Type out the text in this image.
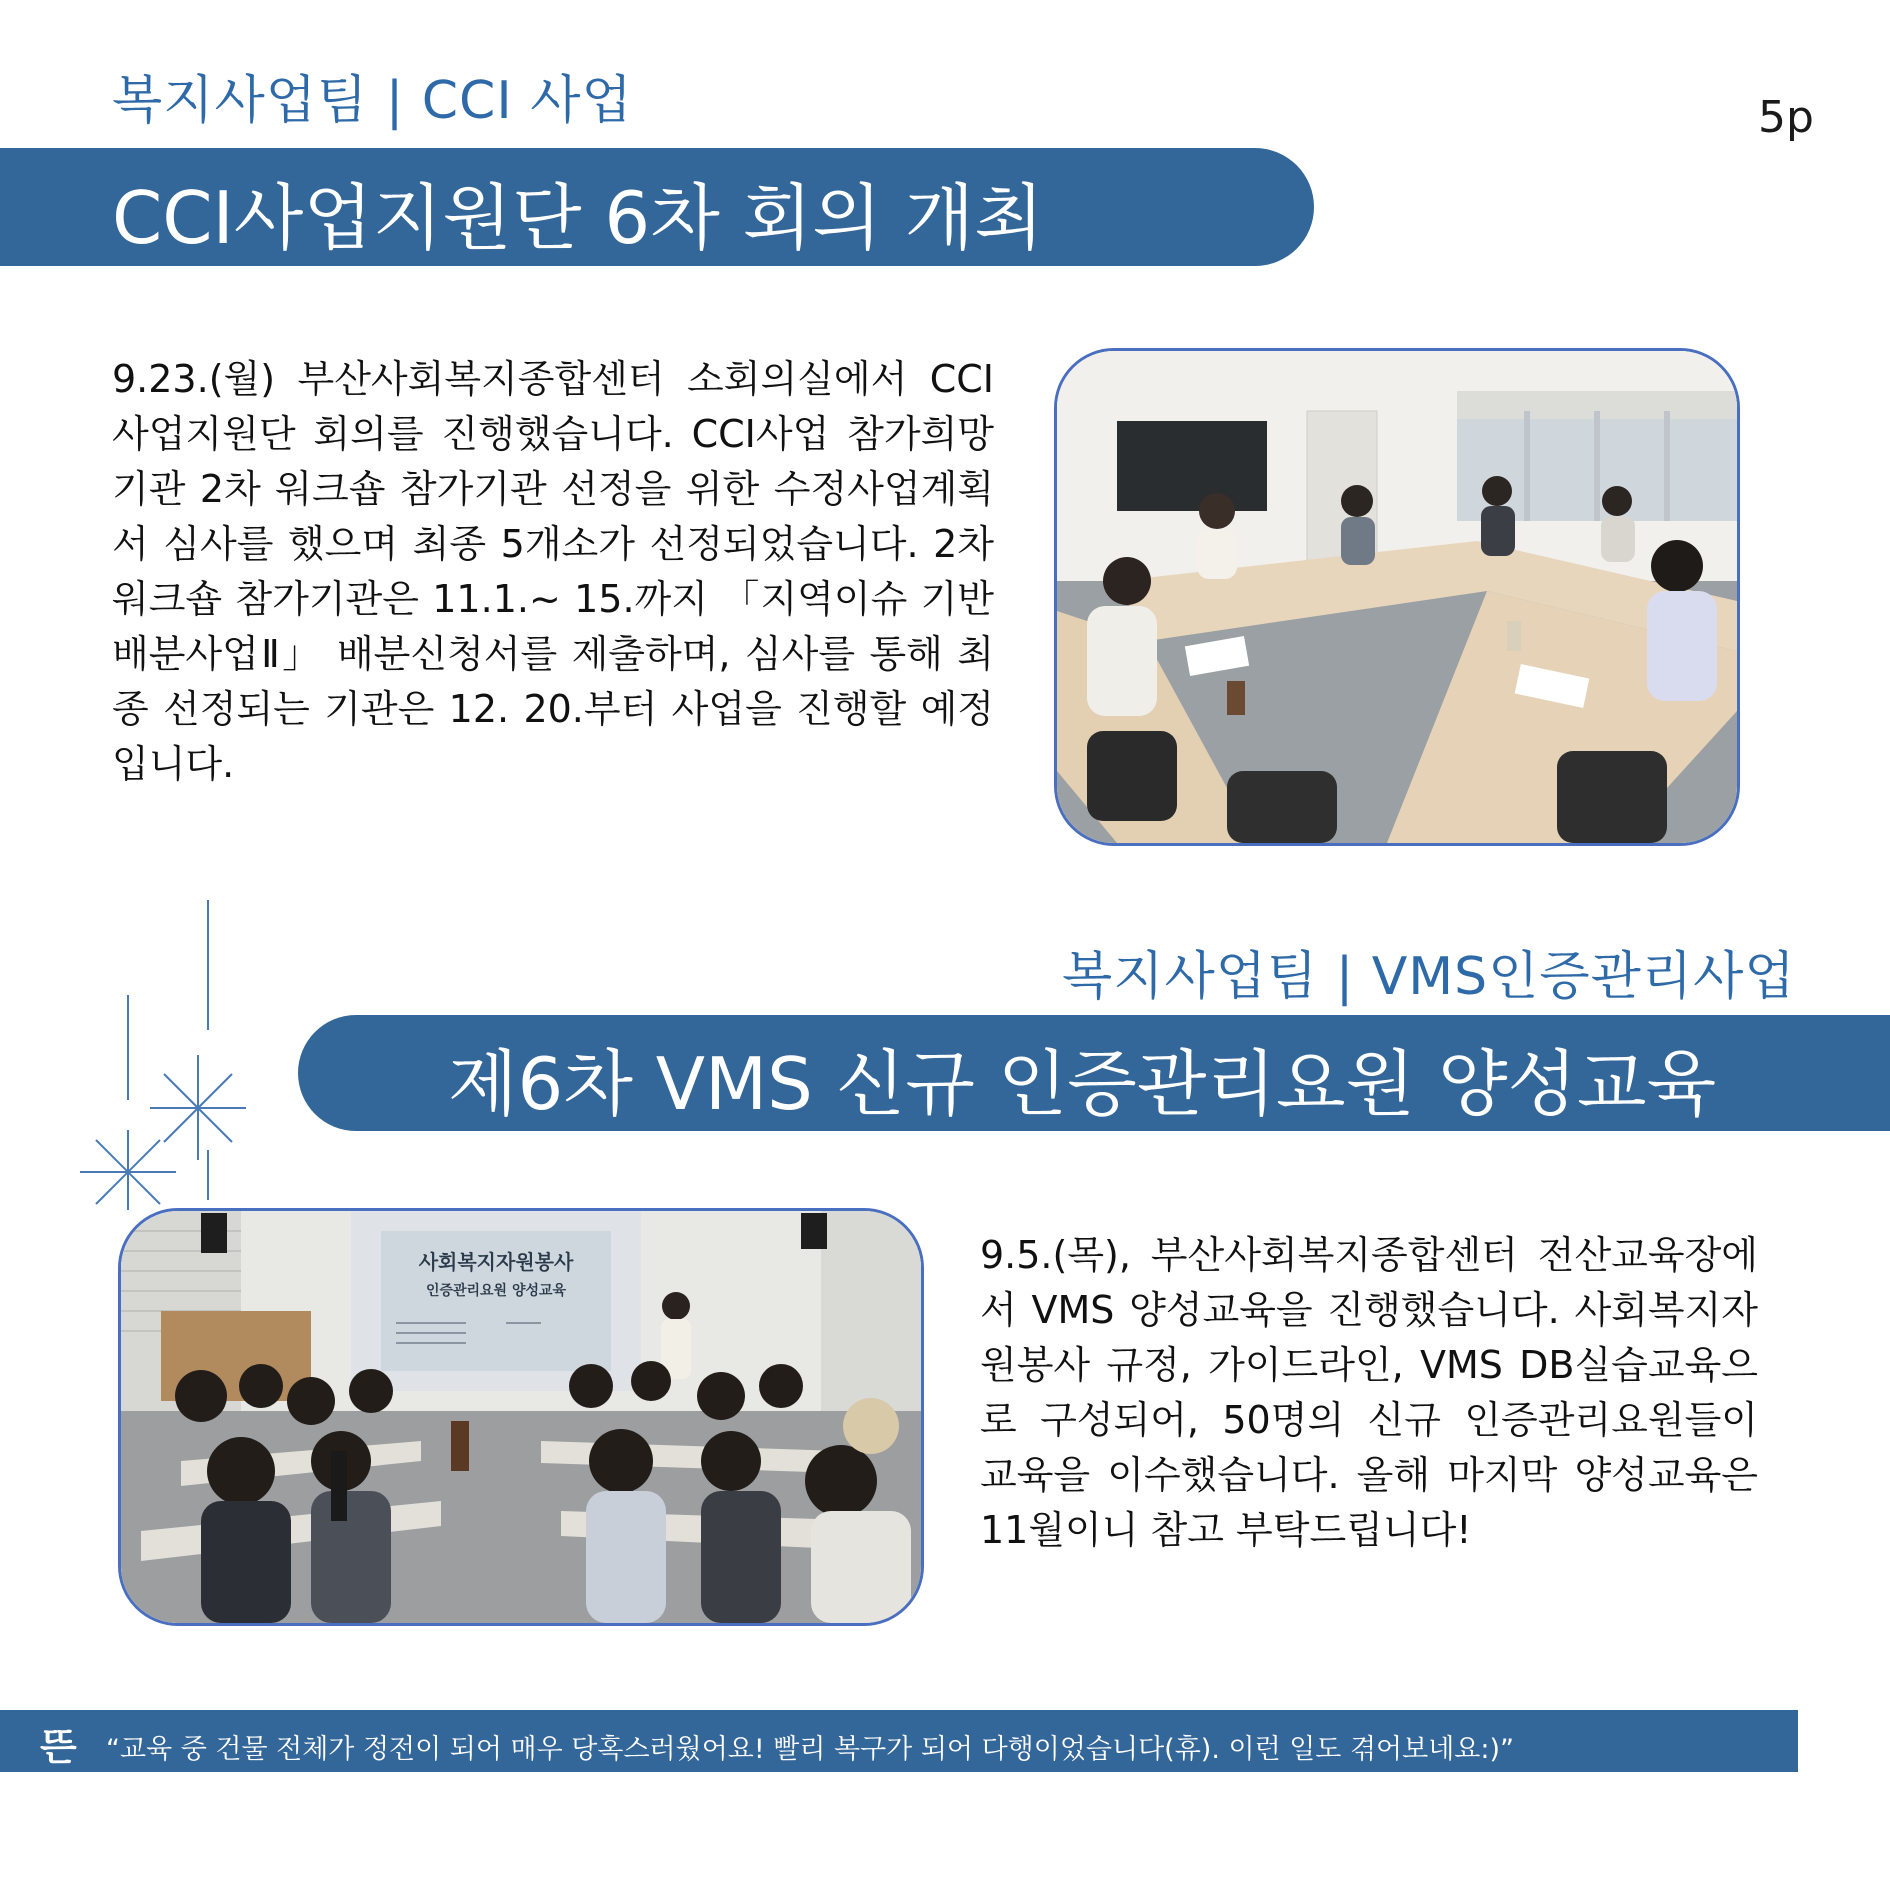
복지사업팀 | CCI 사업	5p
CCI사업지원단 6차 회의 개최
9.23.(월) 부산사회복지종합센터 소회의실에서 CCI사업지원단 회의를 진행했습니다. CCI사업 참가희망기관 2차 워크숍 참가기관 선정을 위한 수정사업계획서 심사를 했으며 최종 5개소가 선정되었습니다. 2차 워크숍 참가기관은 11.1.~ 15.까지 「지역이슈 기반 배분사업Ⅱ」 배분신청서를 제출하며, 심사를 통해 최종 선정되는 기관은 12. 20.부터 사업을 진행할 예정입니다.
복지사업팀 | VMS인증관리사업
제6차 VMS 신규 인증관리요원 양성교육
사회복지자원봉사
인증관리요원 양성교육
9.5.(목), 부산사회복지종합센터 전산교육장에서 VMS 양성교육을 진행했습니다. 사회복지자원봉사 규정, 가이드라인, VMS DB실습교육으로 구성되어, 50명의 신규 인증관리요원들이 교육을 이수했습니다. 올해 마지막 양성교육은 11월이니 참고 부탁드립니다!
뜬 “교육 중 건물 전체가 정전이 되어 매우 당혹스러웠어요! 빨리 복구가 되어 다행이었습니다(휴). 이런 일도 겪어보네요:)”
